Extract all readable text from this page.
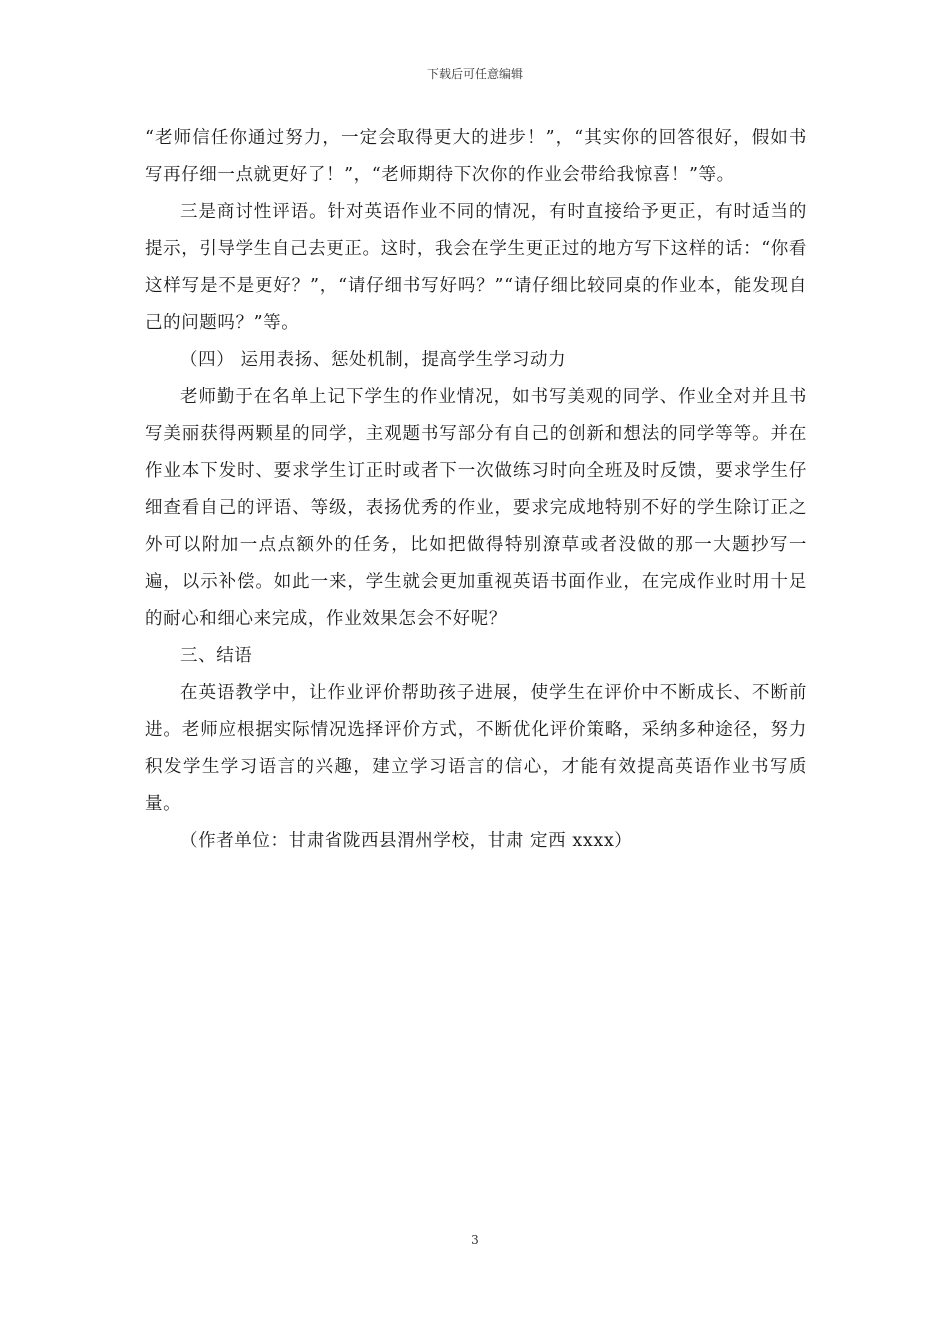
下载后可任意编辑

“老师信任你通过努力，一定会取得更大的进步！”，“其实你的回答很好，假如书写再仔细一点就更好了！”，“老师期待下次你的作业会带给我惊喜！”等。

三是商讨性评语。针对英语作业不同的情况，有时直接给予更正，有时适当的提示，引导学生自己去更正。这时，我会在学生更正过的地方写下这样的话：“你看这样写是不是更好？”，“请仔细书写好吗？”“请仔细比较同桌的作业本，能发现自己的问题吗？”等。

（四） 运用表扬、惩处机制，提高学生学习动力

老师勤于在名单上记下学生的作业情况，如书写美观的同学、作业全对并且书写美丽获得两颗星的同学，主观题书写部分有自己的创新和想法的同学等等。并在作业本下发时、要求学生订正时或者下一次做练习时向全班及时反馈，要求学生仔细查看自己的评语、等级，表扬优秀的作业，要求完成地特别不好的学生除订正之外可以附加一点点额外的任务，比如把做得特别潦草或者没做的那一大题抄写一遍，以示补偿。如此一来，学生就会更加重视英语书面作业，在完成作业时用十足的耐心和细心来完成，作业效果怎会不好呢？

三、结语

在英语教学中，让作业评价帮助孩子进展，使学生在评价中不断成长、不断前进。老师应根据实际情况选择评价方式，不断优化评价策略，采纳多种途径，努力积发学生学习语言的兴趣，建立学习语言的信心，才能有效提高英语作业书写质量。

（作者单位：甘肃省陇西县渭州学校，甘肃 定西 xxxx）

3
